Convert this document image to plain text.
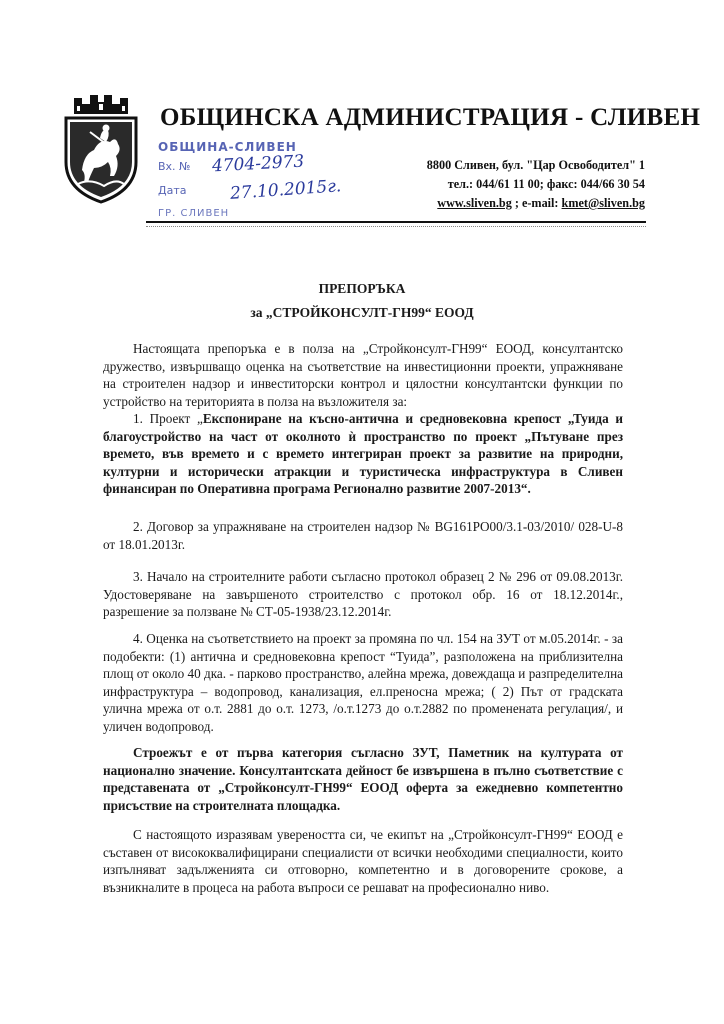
ОБЩИНСКА АДМИНИСТРАЦИЯ - СЛИВЕН
8800 Сливен, бул. "Цар Освободител" 1
тел.: 044/61 11 00; факс: 044/66 30 54
www.sliven.bg ; e-mail: kmet@sliven.bg
ОБЩИНА-СЛИВЕН
Вх. № 4704-2973
Дата	27.10.2015г.
ГР. СЛИВЕН
ПРЕПОРЪКА
за „СТРОЙКОНСУЛТ-ГН99“ ЕООД
Настоящата препоръка е в полза на „Стройконсулт-ГН99“ ЕООД, консултантско дружество, извършващо оценка на съответствие на инвестиционни проекти, упражняване на строителен надзор и инвеститорски контрол и цялостни консултантски функции по устройство на територията в полза на възложителя за:
1. Проект „Експониране на късно-антична и средновековна крепост „Туида и благоустройство на част от околното ѝ пространство по проект „Пътуване през времето, във времето и с времето интегриран проект за развитие на природни, културни и исторически атракции и туристическа инфраструктура в Сливен финансиран по Оперативна програма Регионално развитие 2007-2013“.
2. Договор за упражняване на строителен надзор № BG161PO00/3.1-03/2010/ 028-U-8 от 18.01.2013г.
3. Начало на строителните работи съгласно протокол образец 2 № 296 от 09.08.2013г. Удостоверяване на завършеното строителство с протокол обр. 16 от 18.12.2014г., разрешение за ползване № СТ-05-1938/23.12.2014г.
4. Оценка на съответствието на проект за промяна по чл. 154 на ЗУТ от м.05.2014г. - за подобекти: (1) антична и средновековна крепост “Туида”, разположена на приблизителна площ от около 40 дка. - парково пространство, алейна мрежа, довеждаща и разпределителна инфраструктура – водопровод, канализация, ел.преносна мрежа; ( 2) Път от градската улична мрежа от о.т. 2881 до о.т. 1273, /о.т.1273 до о.т.2882 по променената регулация/, и уличен водопровод.
Строежът е от първа категория съгласно ЗУТ, Паметник на културата от национално значение. Консултантската дейност бе извършена в пълно съответствие с представената от „Стройконсулт-ГН99“ ЕООД оферта за ежедневно компетентно присъствие на строителната площадка.
С настоящото изразявам увереността си, че екипът на „Стройконсулт-ГН99“ ЕООД е съставен от висококвалифицирани специалисти от всички необходими специалности, които изпълняват задълженията си отговорно, компетентно и в договорените срокове, а възникналите в процеса на работа въпроси се решават на професионално ниво.
